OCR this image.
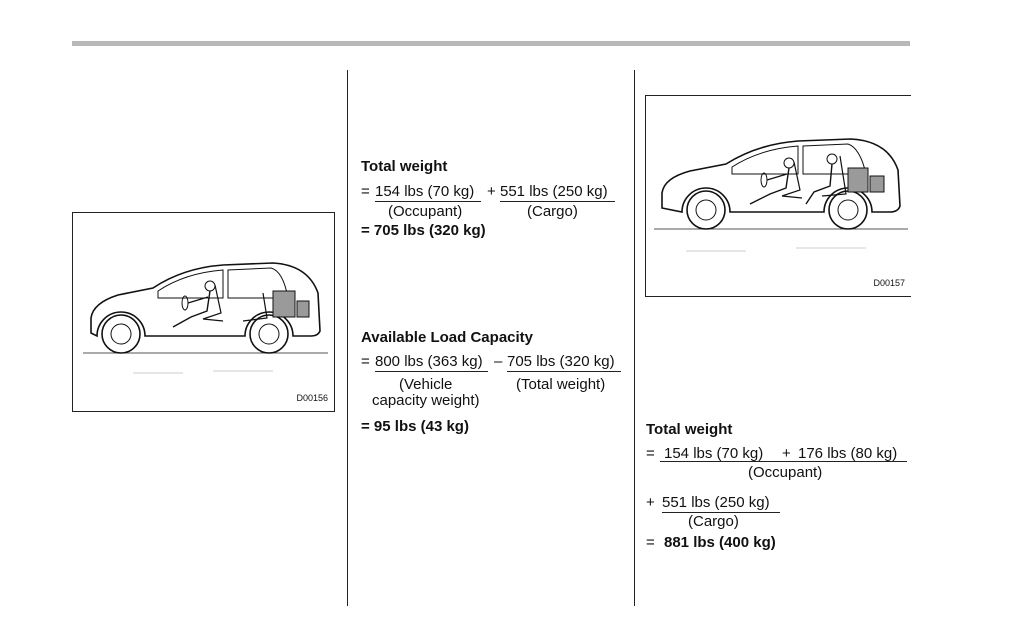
D00156
Total weight
= 154 lbs (70 kg) + 551 lbs (250 kg)
(Occupant)	(Cargo)
= 705 lbs (320 kg)
Available Load Capacity
= 800 lbs (363 kg) – 705 lbs (320 kg)
(Vehicle
capacity weight)
(Total weight)
= 95 lbs (43 kg)
D00157
Total weight
= 154 lbs (70 kg) + 176 lbs (80 kg)
(Occupant)
+ 551 lbs (250 kg)
(Cargo)
= 881 lbs (400 kg)
